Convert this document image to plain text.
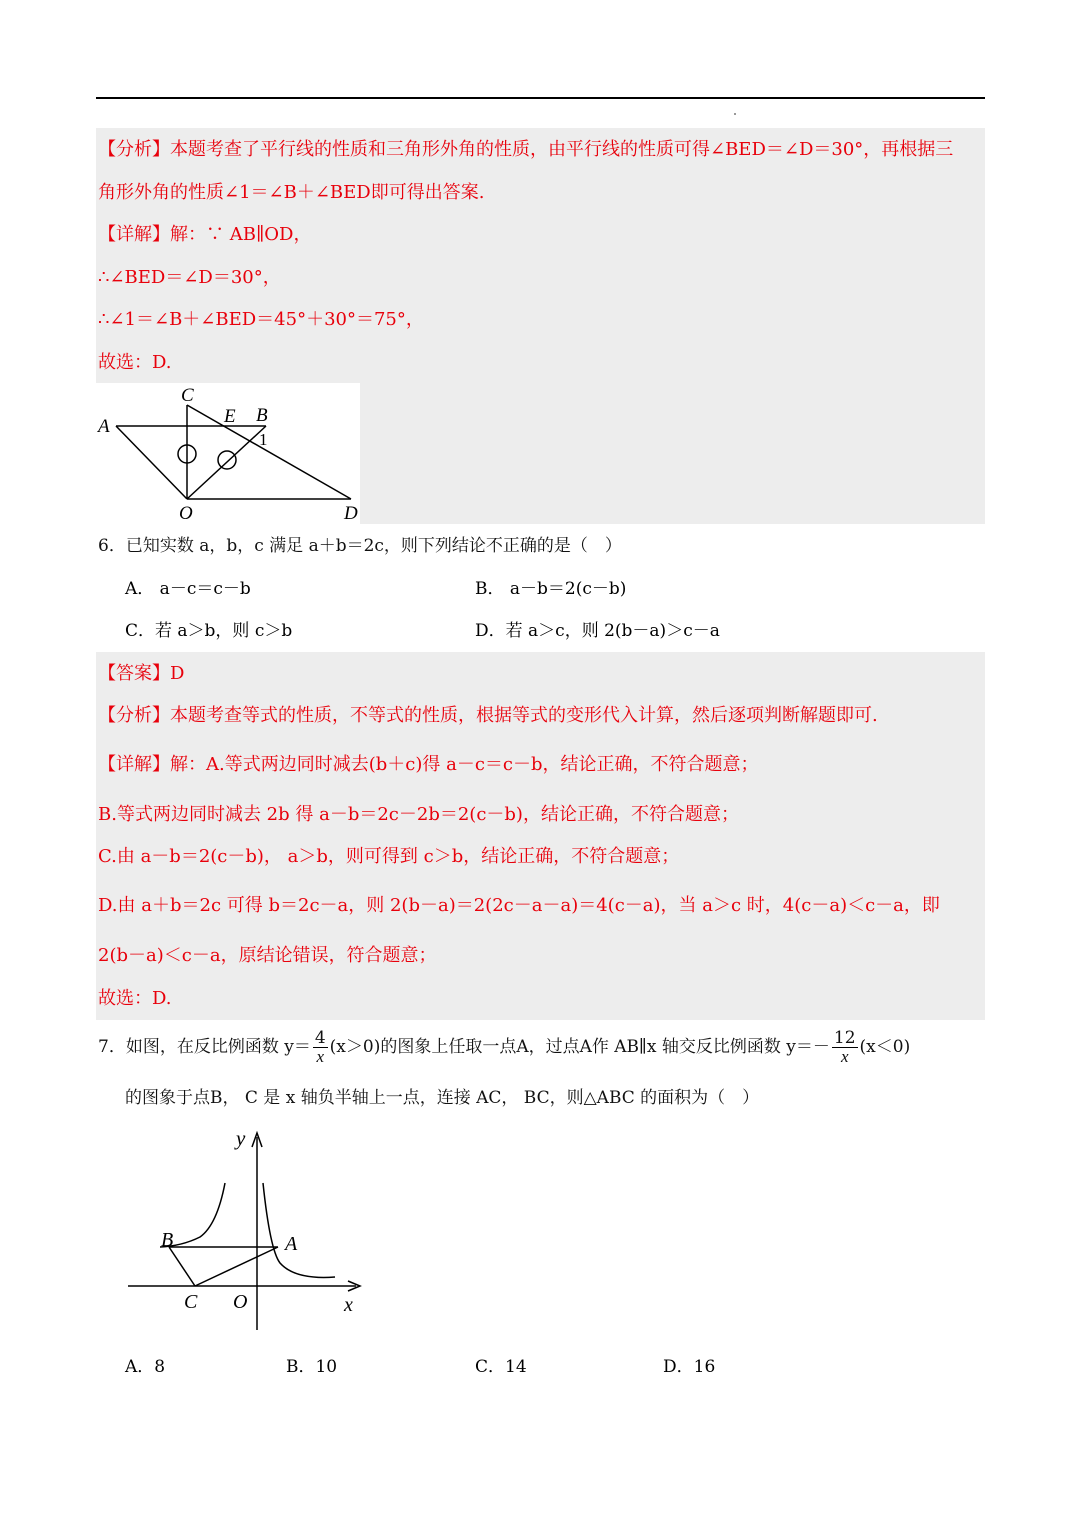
【分析】本题考查了平行线的性质和三角形外角的性质，由平行线的性质可得∠BED＝∠D＝30°，再根据三
角形外角的性质∠1＝∠B＋∠BED即可得出答案.
【详解】解：∵ AB∥OD，
∴∠BED＝∠D＝30°，
∴∠1＝∠B＋∠BED＝45°＋30°＝75°，
故选：D.
C
E B
A
1
O	D
6．已知实数 a，b，c 满足 a＋b＝2c，则下列结论不正确的是（　）
A． a－c＝c－b	B． a－b＝2(c－b)
C．若 a＞b，则 c＞b	D．若 a＞c，则 2(b－a)＞c－a
【答案】D
【分析】本题考查等式的性质，不等式的性质，根据等式的变形代入计算，然后逐项判断解题即可.
【详解】解：A.等式两边同时减去(b＋c)得 a－c＝c－b，结论正确，不符合题意；
B.等式两边同时减去 2b 得 a－b＝2c－2b＝2(c－b)，结论正确，不符合题意；
C.由 a－b＝2(c－b)， a＞b，则可得到 c＞b，结论正确，不符合题意；
D.由 a＋b＝2c 可得 b＝2c－a，则 2(b－a)＝2(2c－a－a)＝4(c－a)，当 a＞c 时，4(c－a)＜c－a，即
2(b－a)＜c－a，原结论错误，符合题意；
故选：D.
7．如图，在反比例函数 $y= \frac{4}{x} (x>0)$的图象上任取一点A，过点A作 AB∥x 轴交反比例函数 $y=- \frac{12}{x} (x<0)$
的图象于点B， C 是 x 轴负半轴上一点，连接 AC， BC，则△ABC 的面积为（　）
y
B	A
C O	x
A．8	B．10	C．14	D．16
